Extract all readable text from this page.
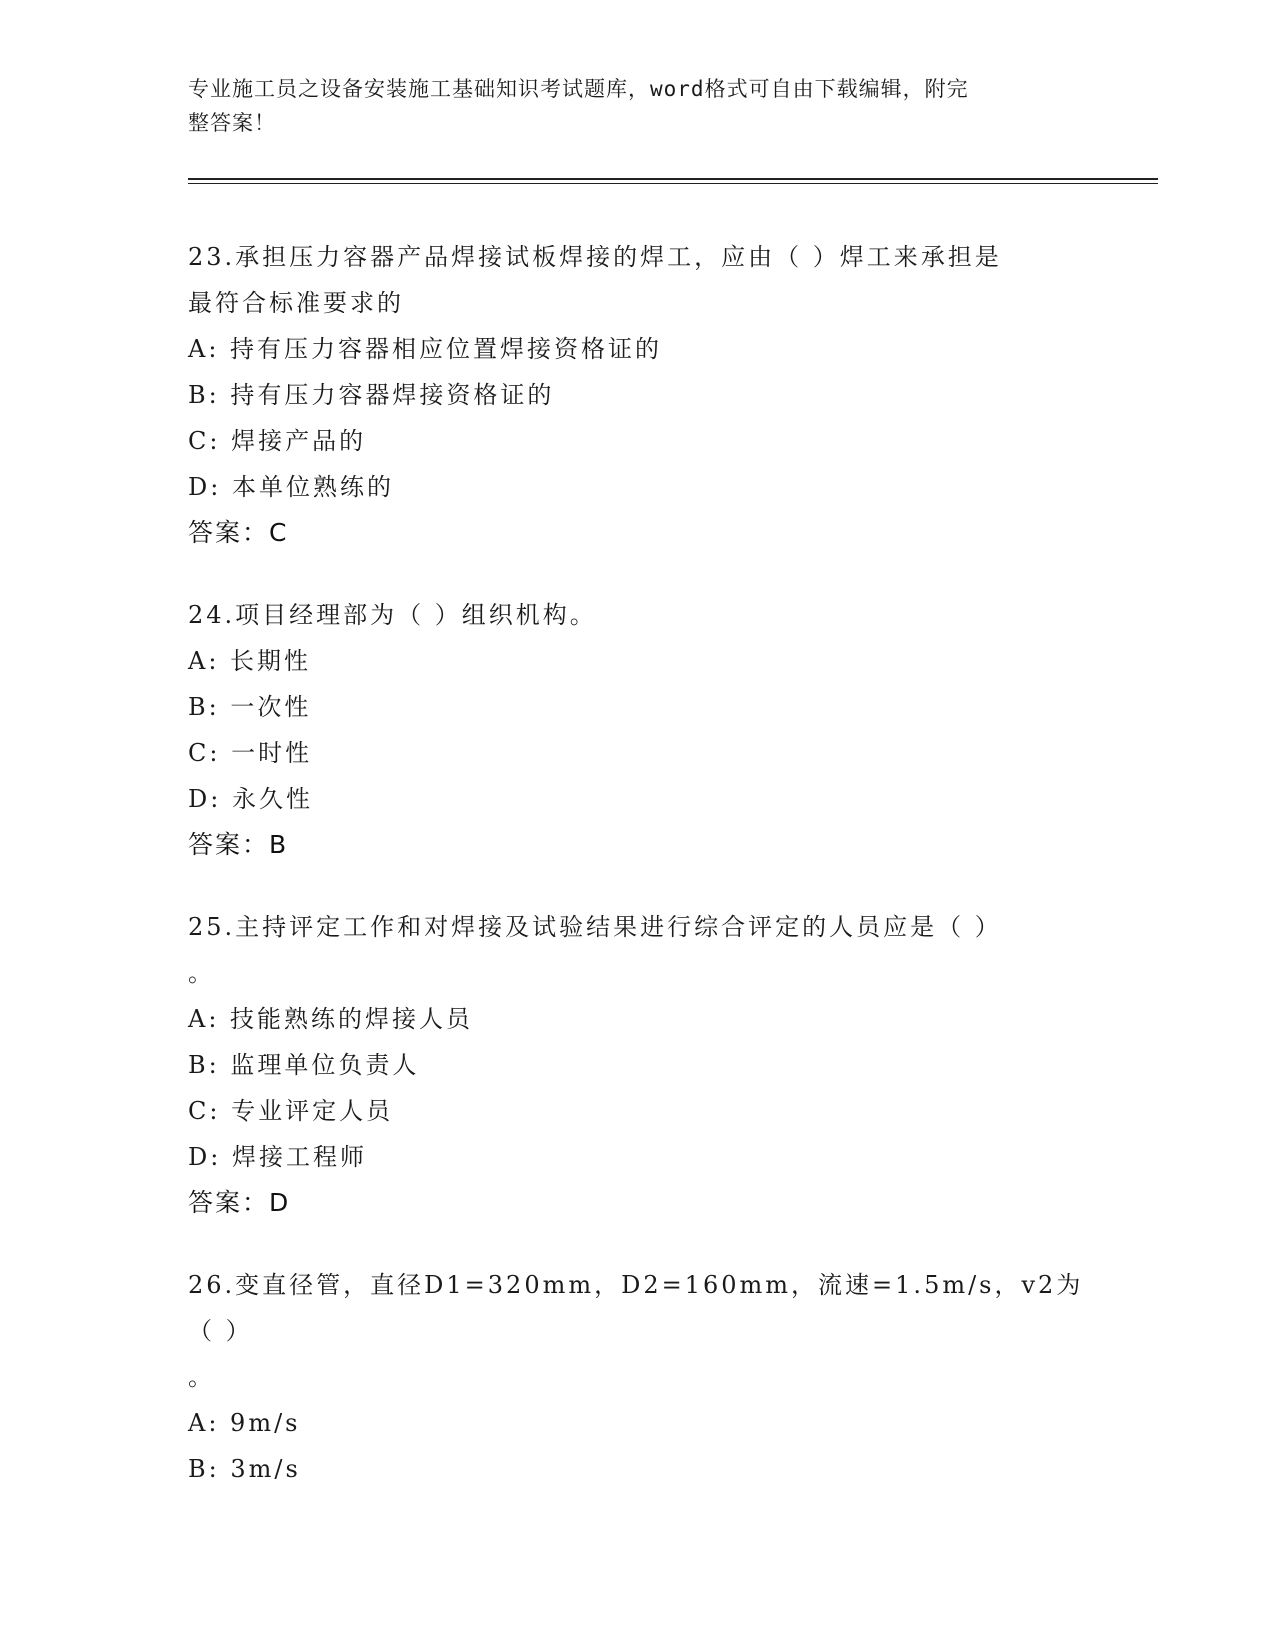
专业施工员之设备安装施工基础知识考试题库，word格式可自由下载编辑，附完
整答案！
23.承担压力容器产品焊接试板焊接的焊工，应由（ ）焊工来承担是
最符合标准要求的
A: 持有压力容器相应位置焊接资格证的
B: 持有压力容器焊接资格证的
C: 焊接产品的
D: 本单位熟练的
答案：C
24.项目经理部为（ ）组织机构。
A: 长期性
B: 一次性
C: 一时性
D: 永久性
答案：B
25.主持评定工作和对焊接及试验结果进行综合评定的人员应是（ ）
。
A: 技能熟练的焊接人员
B: 监理单位负责人
C: 专业评定人员
D: 焊接工程师
答案：D
26.变直径管，直径D1=320mm，D2=160mm，流速=1.5m/s，v2为（ ）
。
A: 9m/s
B: 3m/s
